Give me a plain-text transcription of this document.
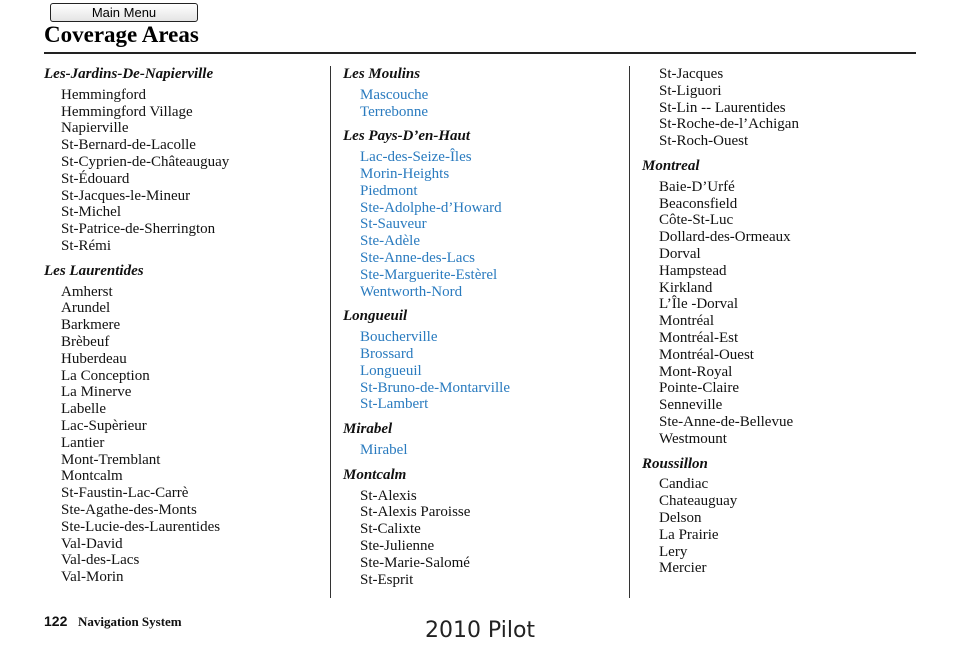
Main Menu
Coverage Areas
Les-Jardins-De-Napierville
Hemmingford
Hemmingford Village
Napierville
St-Bernard-de-Lacolle
St-Cyprien-de-Châteauguay
St-Édouard
St-Jacques-le-Mineur
St-Michel
St-Patrice-de-Sherrington
St-Rémi
Les Laurentides
Amherst
Arundel
Barkmere
Brèbeuf
Huberdeau
La Conception
La Minerve
Labelle
Lac-Supèrieur
Lantier
Mont-Tremblant
Montcalm
St-Faustin-Lac-Carrè
Ste-Agathe-des-Monts
Ste-Lucie-des-Laurentides
Val-David
Val-des-Lacs
Val-Morin
Les Moulins
Mascouche
Terrebonne
Les Pays-D’en-Haut
Lac-des-Seize-Îles
Morin-Heights
Piedmont
Ste-Adolphe-d’Howard
St-Sauveur
Ste-Adèle
Ste-Anne-des-Lacs
Ste-Marguerite-Estèrel
Wentworth-Nord
Longueuil
Boucherville
Brossard
Longueuil
St-Bruno-de-Montarville
St-Lambert
Mirabel
Mirabel
Montcalm
St-Alexis
St-Alexis Paroisse
St-Calixte
Ste-Julienne
Ste-Marie-Salomé
St-Esprit
St-Jacques
St-Liguori
St-Lin -- Laurentides
St-Roche-de-l’Achigan
St-Roch-Ouest
Montreal
Baie-D’Urfé
Beaconsfield
Côte-St-Luc
Dollard-des-Ormeaux
Dorval
Hampstead
Kirkland
L’Île -Dorval
Montréal
Montréal-Est
Montréal-Ouest
Mont-Royal
Pointe-Claire
Senneville
Ste-Anne-de-Bellevue
Westmount
Roussillon
Candiac
Chateauguay
Delson
La Prairie
Lery
Mercier
122 Navigation System	2010 Pilot
